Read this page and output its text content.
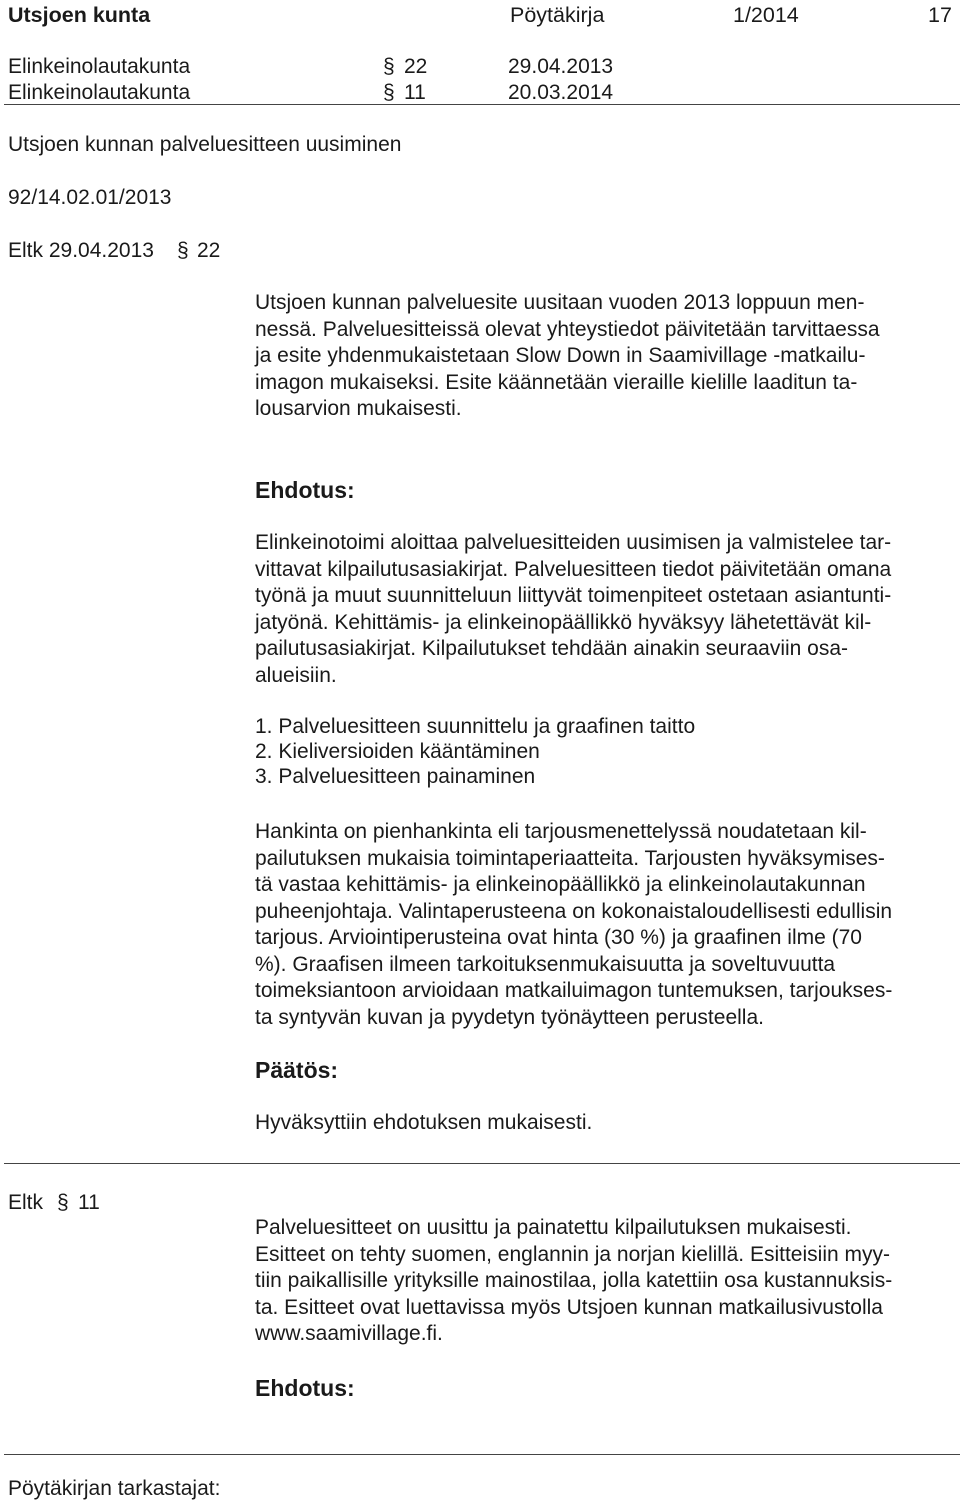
Utsjoen kunta	Pöytäkirja	1/2014	17
Elinkeinolautakunta	§ 22	29.04.2013
Elinkeinolautakunta	§ 11	20.03.2014
Utsjoen kunnan palveluesitteen uusiminen
92/14.02.01/2013
Eltk 29.04.2013 § 22
Utsjoen kunnan palveluesite uusitaan vuoden 2013 loppuun men-
nessä. Palveluesitteissä olevat yhteystiedot päivitetään tarvittaessa
ja esite yhdenmukaistetaan Slow Down in Saamivillage -matkailu-
imagon mukaiseksi. Esite käännetään vieraille kielille laaditun ta-
lousarvion mukaisesti.
Ehdotus:
Elinkeinotoimi aloittaa palveluesitteiden uusimisen ja valmistelee tar-
vittavat kilpailutusasiakirjat. Palveluesitteen tiedot päivitetään omana
työnä ja muut suunnitteluun liittyvät toimenpiteet ostetaan asiantunti-
jatyönä. Kehittämis- ja elinkeinopäällikkö hyväksyy lähetettävät kil-
pailutusasiakirjat. Kilpailutukset tehdään ainakin seuraaviin osa-
alueisiin.
1. Palveluesitteen suunnittelu ja graafinen taitto
2. Kieliversioiden kääntäminen
3. Palveluesitteen painaminen
Hankinta on pienhankinta eli tarjousmenettelyssä noudatetaan kil-
pailutuksen mukaisia toimintaperiaatteita. Tarjousten hyväksymises-
tä vastaa kehittämis- ja elinkeinopäällikkö ja elinkeinolautakunnan
puheenjohtaja. Valintaperusteena on kokonaistaloudellisesti edullisin
tarjous. Arviointiperusteina ovat hinta (30 %) ja graafinen ilme (70
%). Graafisen ilmeen tarkoituksenmukaisuutta ja soveltuvuutta
toimeksiantoon arvioidaan matkailuimagon tuntemuksen, tarjoukses-
ta syntyvän kuvan ja pyydetyn työnäytteen perusteella.
Päätös:
Hyväksyttiin ehdotuksen mukaisesti.
Eltk § 11
Palveluesitteet on uusittu ja painatettu kilpailutuksen mukaisesti.
Esitteet on tehty suomen, englannin ja norjan kielillä. Esitteisiin myy-
tiin paikallisille yrityksille mainostilaa, jolla katettiin osa kustannuksis-
ta. Esitteet ovat luettavissa myös Utsjoen kunnan matkailusivustolla
www.saamivillage.fi.
Ehdotus:
Pöytäkirjan tarkastajat:
